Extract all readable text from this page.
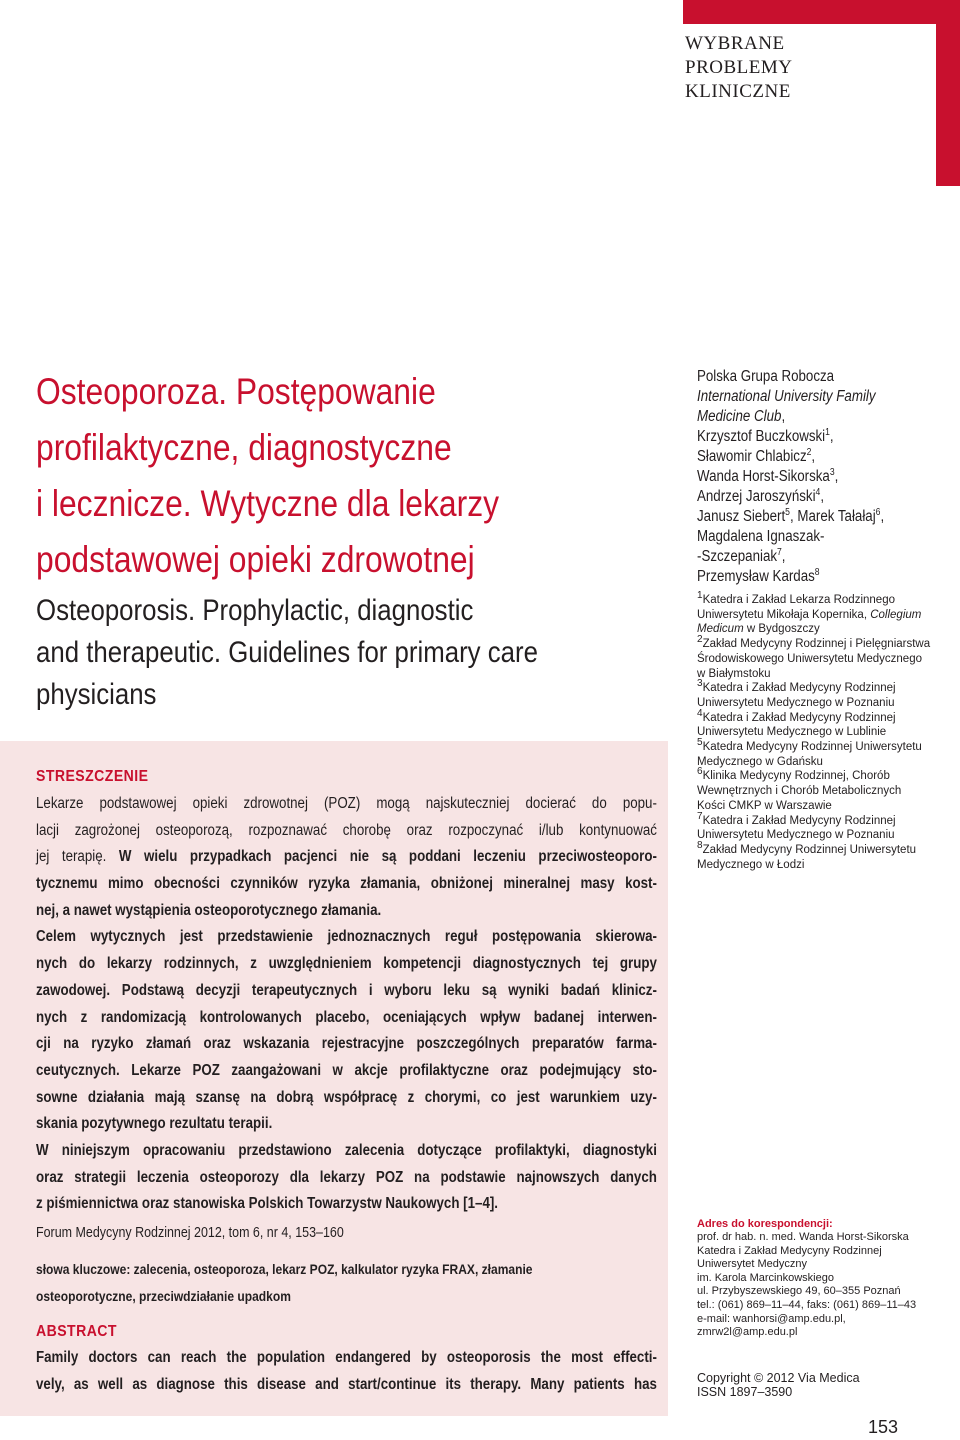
WYBRANE
PROBLEMY
KLINICZNE
Osteoporoza. Postępowanie
profilaktyczne, diagnostyczne
i lecznicze. Wytyczne dla lekarzy
podstawowej opieki zdrowotnej
Osteoporosis. Prophylactic, diagnostic
and therapeutic. Guidelines for primary care
physicians
STRESZCZENIE
Lekarze podstawowej opieki zdrowotnej (POZ) mogą najskuteczniej docierać do popu-
lacji zagrożonej osteoporozą, rozpoznawać chorobę oraz rozpoczynać i/lub kontynuować
jej terapię. W wielu przypadkach pacjenci nie są poddani leczeniu przeciwosteoporo-
tycznemu mimo obecności czynników ryzyka złamania, obniżonej mineralnej masy kost-
nej, a nawet wystąpienia osteoporotycznego złamania.
Celem wytycznych jest przedstawienie jednoznacznych reguł postępowania skierowa-
nych do lekarzy rodzinnych, z uwzględnieniem kompetencji diagnostycznych tej grupy
zawodowej. Podstawą decyzji terapeutycznych i wyboru leku są wyniki badań klinicz-
nych z randomizacją kontrolowanych placebo, oceniających wpływ badanej interwen-
cji na ryzyko złamań oraz wskazania rejestracyjne poszczególnych preparatów farma-
ceutycznych. Lekarze POZ zaangażowani w akcje profilaktyczne oraz podejmujący sto-
sowne działania mają szansę na dobrą współpracę z chorymi, co jest warunkiem uzy-
skania pozytywnego rezultatu terapii.
W niniejszym opracowaniu przedstawiono zalecenia dotyczące profilaktyki, diagnostyki
oraz strategii leczenia osteoporozy dla lekarzy POZ na podstawie najnowszych danych
z piśmiennictwa oraz stanowiska Polskich Towarzystw Naukowych [1–4].
Forum Medycyny Rodzinnej 2012, tom 6, nr 4, 153–160
słowa kluczowe: zalecenia, osteoporoza, lekarz POZ, kalkulator ryzyka FRAX, złamanie
osteoporotyczne, przeciwdziałanie upadkom
ABSTRACT
Family doctors can reach the population endangered by osteoporosis the most effecti-
vely, as well as diagnose this disease and start/continue its therapy. Many patients has
Polska Grupa Robocza
International University Family
Medicine Club,
Krzysztof Buczkowski$^1$,
Sławomir Chlabicz$^2$,
Wanda Horst-Sikorska$^3$,
Andrzej Jaroszyński$^4$,
Janusz Siebert$^5$, Marek Tałałaj$^6$,
Magdalena Ignaszak-
-Szczepaniak$^7$,
Przemysław Kardas$^8$
$^1$Katedra i Zakład Lekarza Rodzinnego
Uniwersytetu Mikołaja Kopernika, Collegium
Medicum w Bydgoszczy
$^2$Zakład Medycyny Rodzinnej i Pielęgniarstwa
Środowiskowego Uniwersytetu Medycznego
w Białymstoku
$^3$Katedra i Zakład Medycyny Rodzinnej
Uniwersytetu Medycznego w Poznaniu
$^4$Katedra i Zakład Medycyny Rodzinnej
Uniwersytetu Medycznego w Lublinie
$^5$Katedra Medycyny Rodzinnej Uniwersytetu
Medycznego w Gdańsku
$^6$Klinika Medycyny Rodzinnej, Chorób
Wewnętrznych i Chorób Metabolicznych
Kości CMKP w Warszawie
$^7$Katedra i Zakład Medycyny Rodzinnej
Uniwersytetu Medycznego w Poznaniu
$^8$Zakład Medycyny Rodzinnej Uniwersytetu
Medycznego w Łodzi
Adres do korespondencji:
prof. dr hab. n. med. Wanda Horst-Sikorska
Katedra i Zakład Medycyny Rodzinnej
Uniwersytet Medyczny
im. Karola Marcinkowskiego
ul. Przybyszewskiego 49, 60–355 Poznań
tel.: (061) 869–11–44, faks: (061) 869–11–43
e-mail: wanhorsi@amp.edu.pl,
zmrw2l@amp.edu.pl
Copyright © 2012 Via Medica
ISSN 1897–3590
153
